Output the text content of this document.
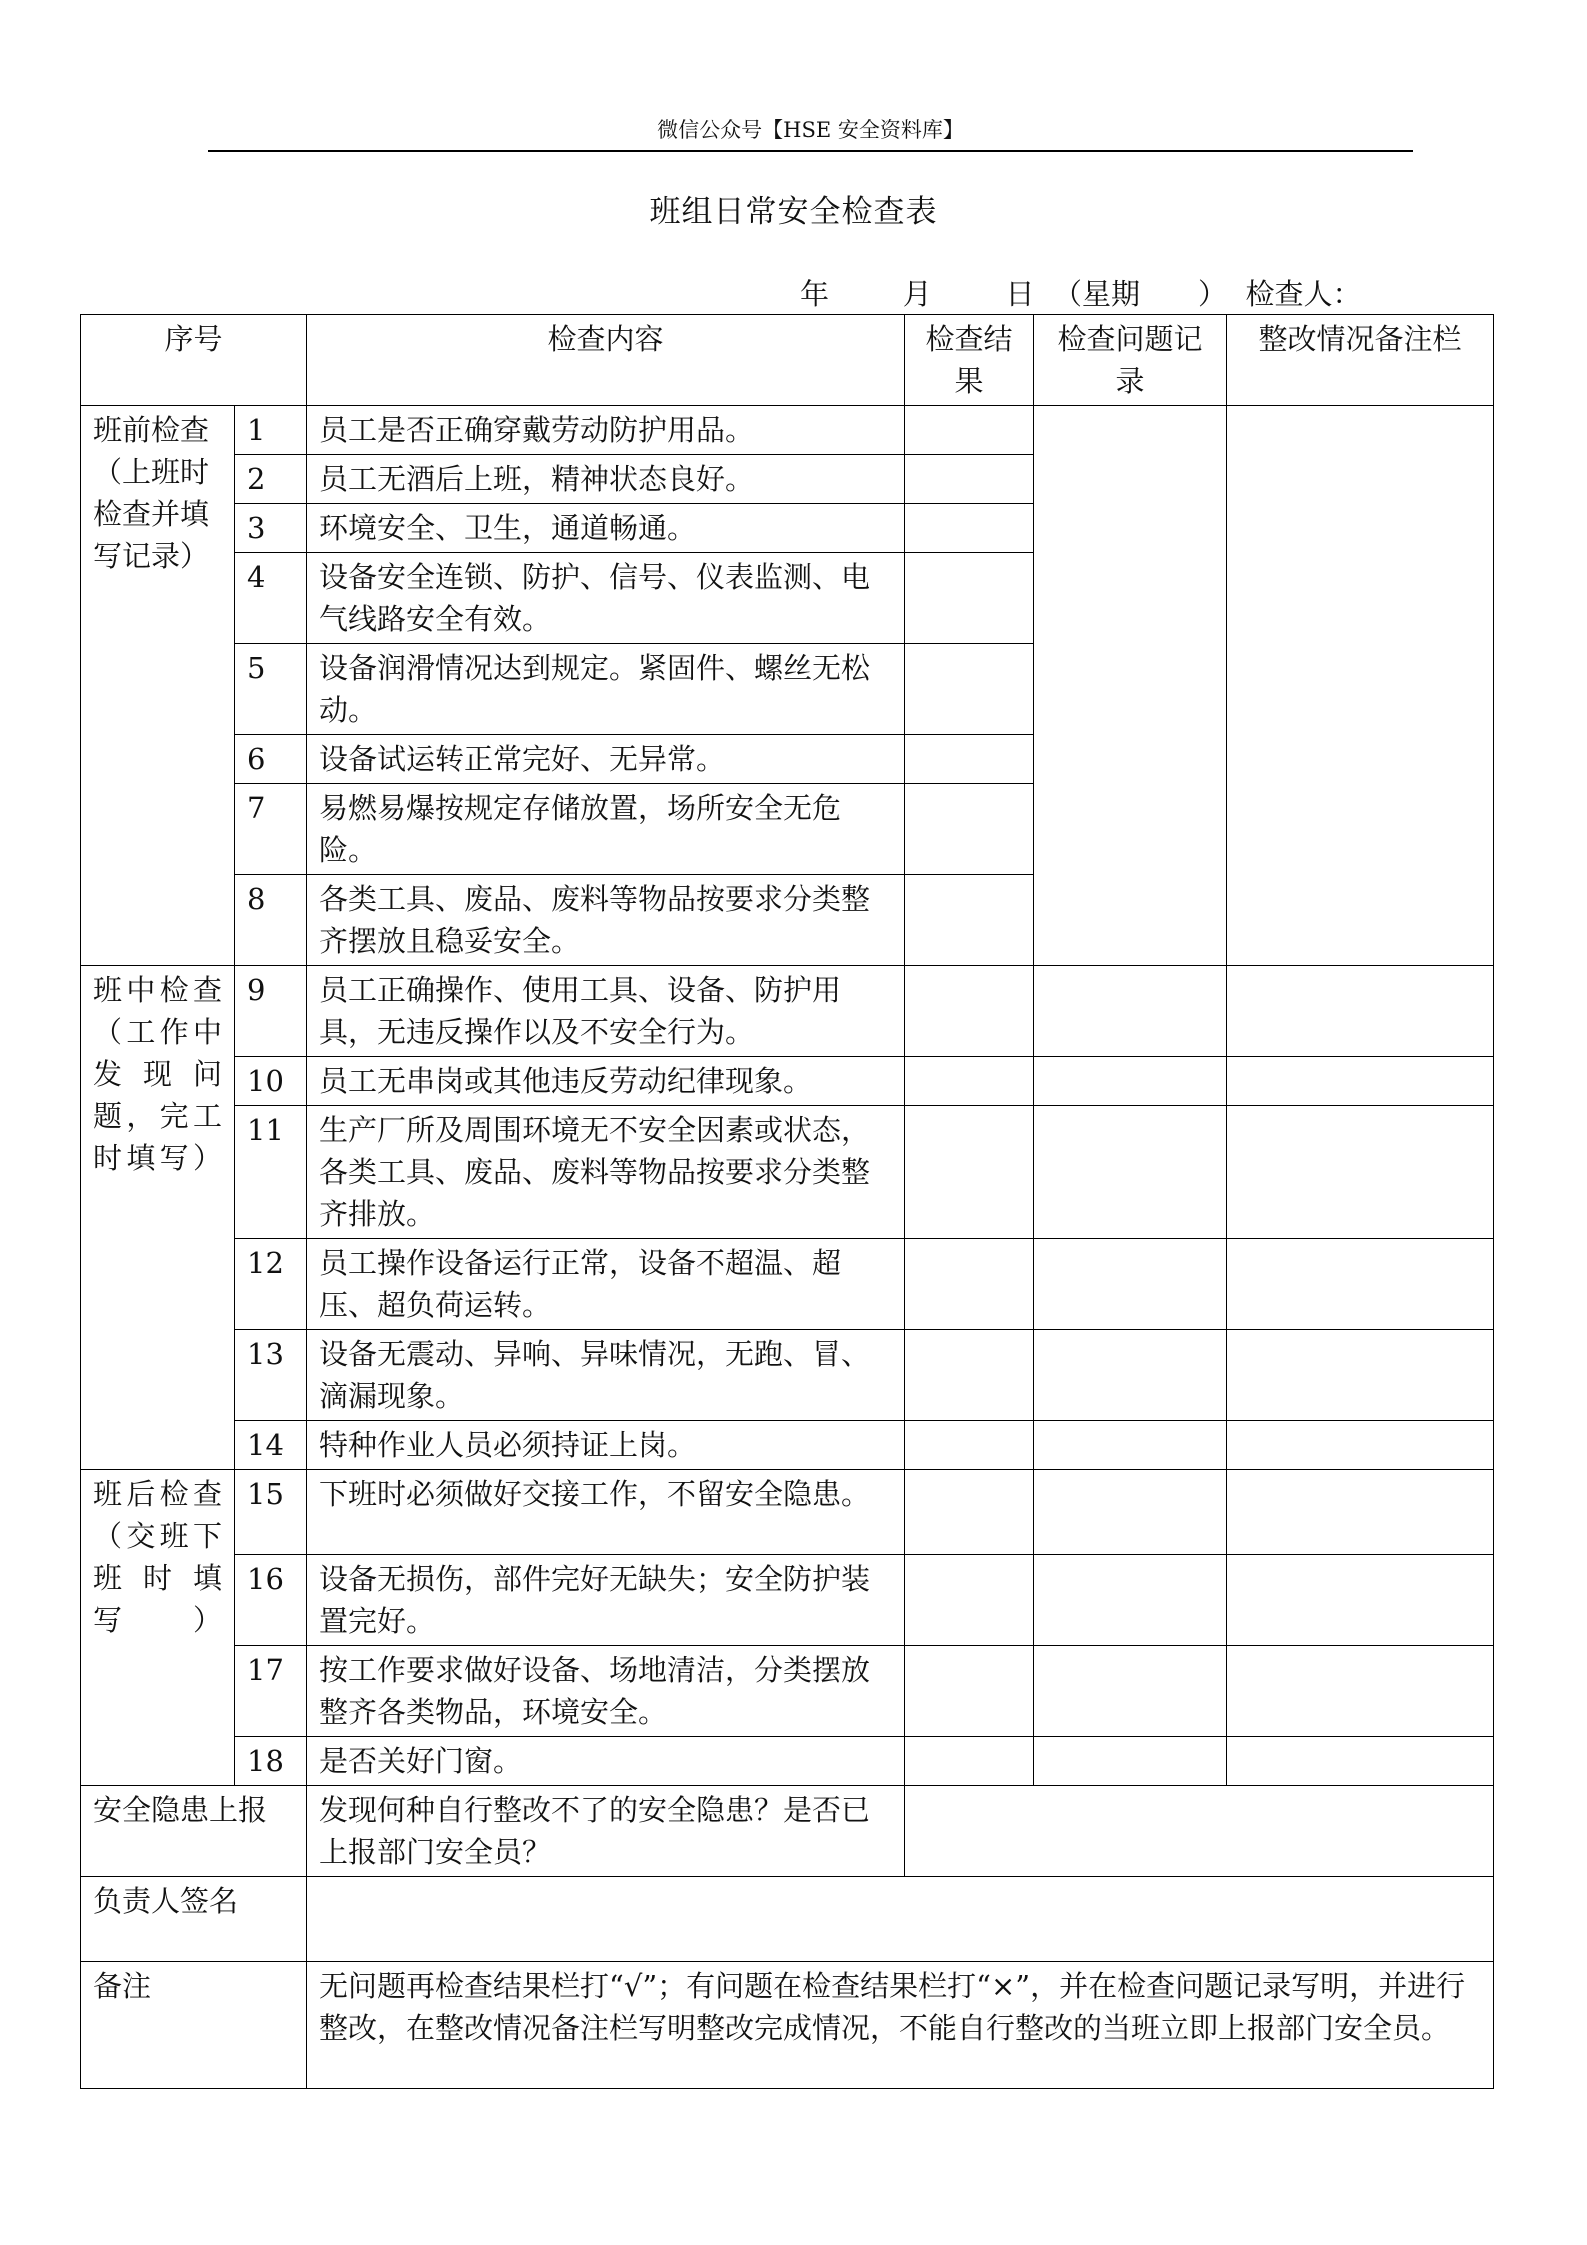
微信公众号【HSE 安全资料库】
班组日常安全检查表
年	月	日 （星期　　） 检查人：
序号		检查内容	检查结果	检查问题记录	整改情况备注栏
班前检查（上班时检查并填写记录）	1	员工是否正确穿戴劳动防护用品。			
	2	员工无酒后上班，精神状态良好。			
	3	环境安全、卫生，通道畅通。			
	4	设备安全连锁、防护、信号、仪表监测、电气线路安全有效。			
	5	设备润滑情况达到规定。紧固件、螺丝无松动。			
	6	设备试运转正常完好、无异常。			
	7	易燃易爆按规定存储放置，场所安全无危险。			
	8	各类工具、废品、废料等物品按要求分类整齐摆放且稳妥安全。			
班中检查（工作中发现问题，完工时填写）	9	员工正确操作、使用工具、设备、防护用具，无违反操作以及不安全行为。			
	10	员工无串岗或其他违反劳动纪律现象。			
	11	生产厂所及周围环境无不安全因素或状态，各类工具、废品、废料等物品按要求分类整齐排放。			
	12	员工操作设备运行正常，设备不超温、超压、超负荷运转。			
	13	设备无震动、异响、异味情况，无跑、冒、滴漏现象。			
	14	特种作业人员必须持证上岗。			
班后检查（交班下班时填写）	15	下班时必须做好交接工作，不留安全隐患。			
	16	设备无损伤，部件完好无缺失；安全防护装置完好。			
	17	按工作要求做好设备、场地清洁，分类摆放整齐各类物品，环境安全。			
	18	是否关好门窗。			
安全隐患上报		发现何种自行整改不了的安全隐患？是否已上报部门安全员？			
负责人签名					
备注		无问题再检查结果栏打“√”；有问题在检查结果栏打“×”，并在检查问题记录写明，并进行整改，在整改情况备注栏写明整改完成情况，不能自行整改的当班立即上报部门安全员。			
